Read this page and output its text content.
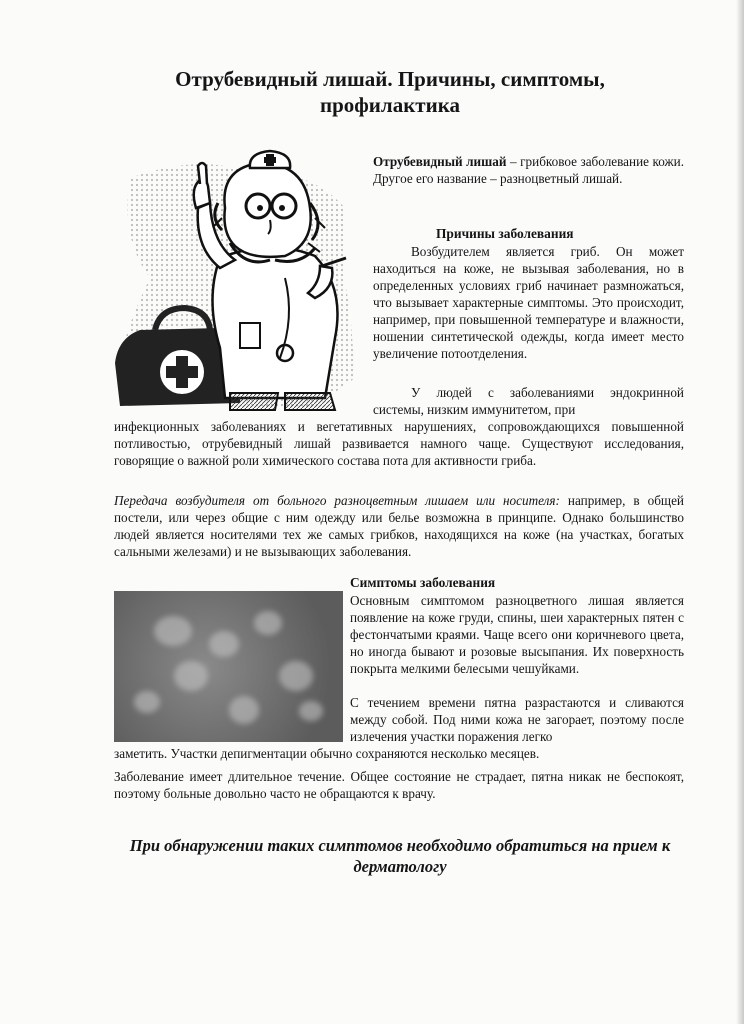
Отрубевидный лишай. Причины, симптомы, профилактика

Отрубевидный лишай – грибковое заболевание кожи. Другое его название – разноцветный лишай.

Причины заболевания

Возбудителем является гриб. Он может находиться на коже, не вызывая заболевания, но в определенных условиях гриб начинает размножаться, что вызывает характерные симптомы. Это происходит, например, при повышенной температуре и влажности, ношении синтетической одежды, когда имеет место увеличение потоотделения.

У людей с заболеваниями эндокринной системы, низким иммунитетом, при

инфекционных заболеваниях и вегетативных нарушениях, сопровождающихся повышенной потливостью, отрубевидный лишай развивается намного чаще. Существуют исследования, говорящие о важной роли химического состава пота для активности гриба.

Передача возбудителя от больного разноцветным лишаем или носителя: например, в общей постели, или через общие с ним одежду или белье возможна в принципе. Однако большинство людей является носителями тех же самых грибков, находящихся на коже (на участках, богатых сальными железами) и не вызывающих заболевания.

Симптомы заболевания

Основным симптомом разноцветного лишая является появление на коже груди, спины, шеи характерных пятен с фестончатыми краями. Чаще всего они коричневого цвета, но иногда бывают и розовые высыпания. Их поверхность покрыта мелкими белесыми чешуйками.

С течением времени пятна разрастаются и сливаются между собой. Под ними кожа не загорает, поэтому после излечения участки поражения легко

заметить. Участки депигментации обычно сохраняются несколько месяцев.

Заболевание имеет длительное течение. Общее состояние не страдает, пятна никак не беспокоят, поэтому больные довольно часто не обращаются к врачу.

При обнаружении таких симптомов необходимо обратиться на прием к дерматологу
